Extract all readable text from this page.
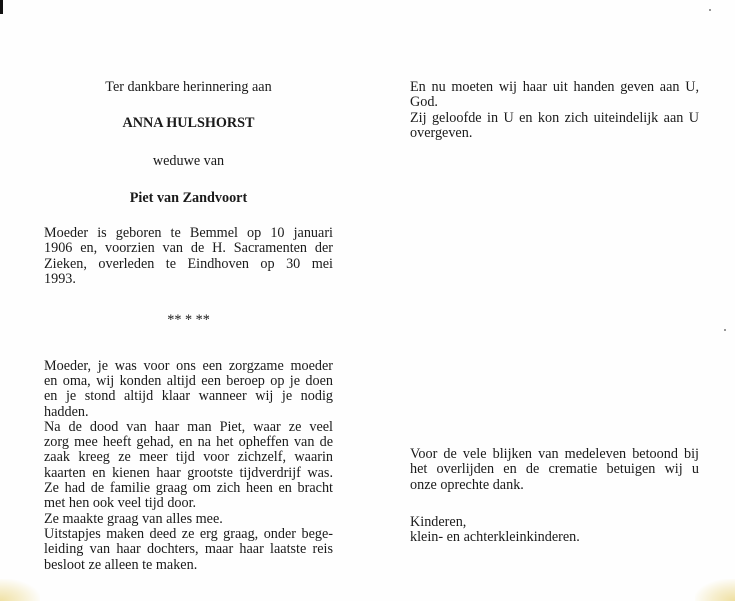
Ter dankbare herinnering aan
ANNA HULSHORST
weduwe van
Piet van Zandvoort
Moeder is geboren te Bemmel op 10 januari
1906 en, voorzien van de H. Sacramenten der
Zieken, overleden te Eindhoven op 30 mei
1993.
** * **
Moeder, je was voor ons een zorgzame moeder
en oma, wij konden altijd een beroep op je doen
en je stond altijd klaar wanneer wij je nodig
hadden.
Na de dood van haar man Piet, waar ze veel
zorg mee heeft gehad, en na het opheffen van de
zaak kreeg ze meer tijd voor zichzelf, waarin
kaarten en kienen haar grootste tijdverdrijf was.
Ze had de familie graag om zich heen en bracht
met hen ook veel tijd door.
Ze maakte graag van alles mee.
Uitstapjes maken deed ze erg graag, onder bege-
leiding van haar dochters, maar haar laatste reis
besloot ze alleen te maken.
En nu moeten wij haar uit handen geven aan U,
God.
Zij geloofde in U en kon zich uiteindelijk aan U
overgeven.
Voor de vele blijken van medeleven betoond bij
het overlijden en de crematie betuigen wij u
onze oprechte dank.
Kinderen,
klein- en achterkleinkinderen.
